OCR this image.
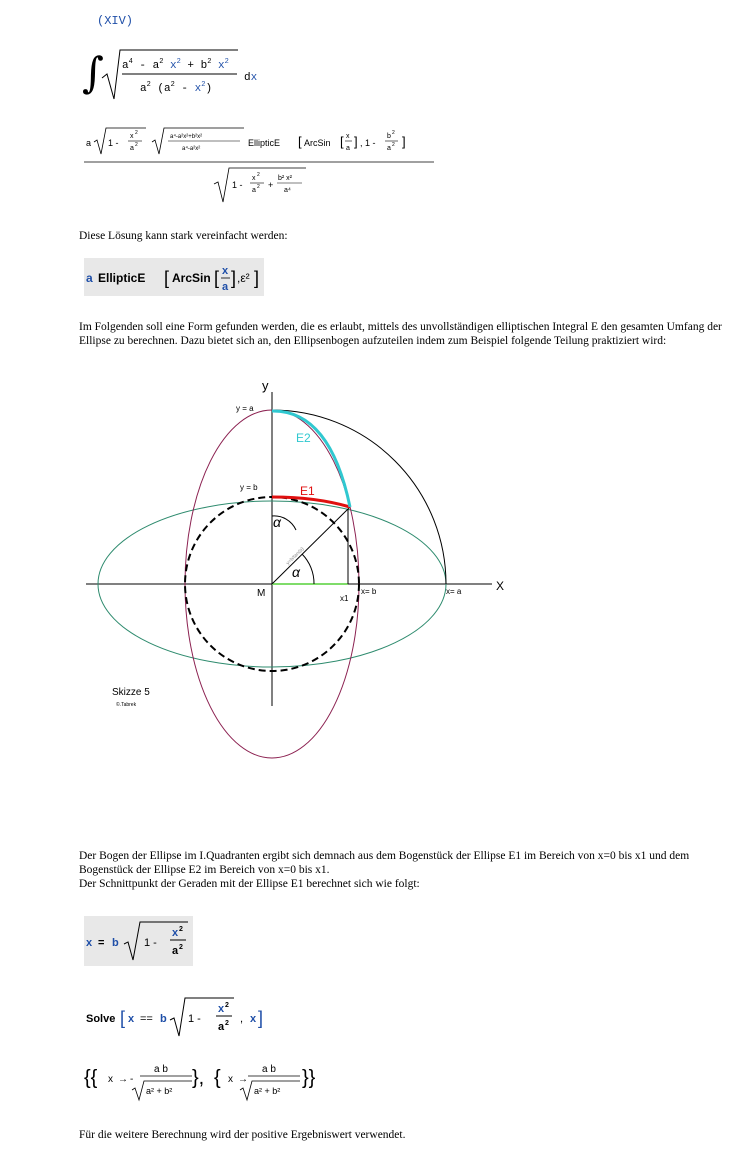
(XIV)
∫ $a^4 - a^2$ $x^2 + b^2$ $x^2$
$a^2$ $(a^2 - x^2)$
dx
a 1 -
x 2
a 2
a⁴-a²x²+b²x²
a⁴-a²x²
EllipticE [ ArcSin [ x
a ] , 1 -
b 2
a 2 ]
1 -
x 2
a 2 +
b² x²
a⁴
Diese Lösung kann stark vereinfacht werden:
a EllipticE [ ArcSin [ x
a ] ,ε² ]
Im Folgenden soll eine Form gefunden werden, die es erlaubt, mittels des unvollständigen elliptischen Integral E den gesamten Umfang der Ellipse zu berechnen. Dazu bietet sich an, den Ellipsenbogen aufzuteilen indem zum Beispiel folgende Teilung praktiziert wird:
y
X
y = a
y = b
x= b	x= a
M	x1
E1
E2
α
α
y=b/tan(α)
Skizze 5
©.Tabrek
Der Bogen der Ellipse im I.Quadranten ergibt sich demnach aus dem Bogenstück der Ellipse E1 im Bereich von x=0 bis x1 und dem Bogenstück der Ellipse E2 im Bereich von x=0 bis x1.
Der Schnittpunkt der Geraden mit der Ellipse E1 berechnet sich wie folgt:
x = b 1 -
x 2
a 2
Solve [ x == b 1 -
x 2
a 2 , x ]
{{ x → -
a b
a² + b²
}, { x →
a b
a² + b²
}}
Für die weitere Berechnung wird der positive Ergebniswert verwendet.
